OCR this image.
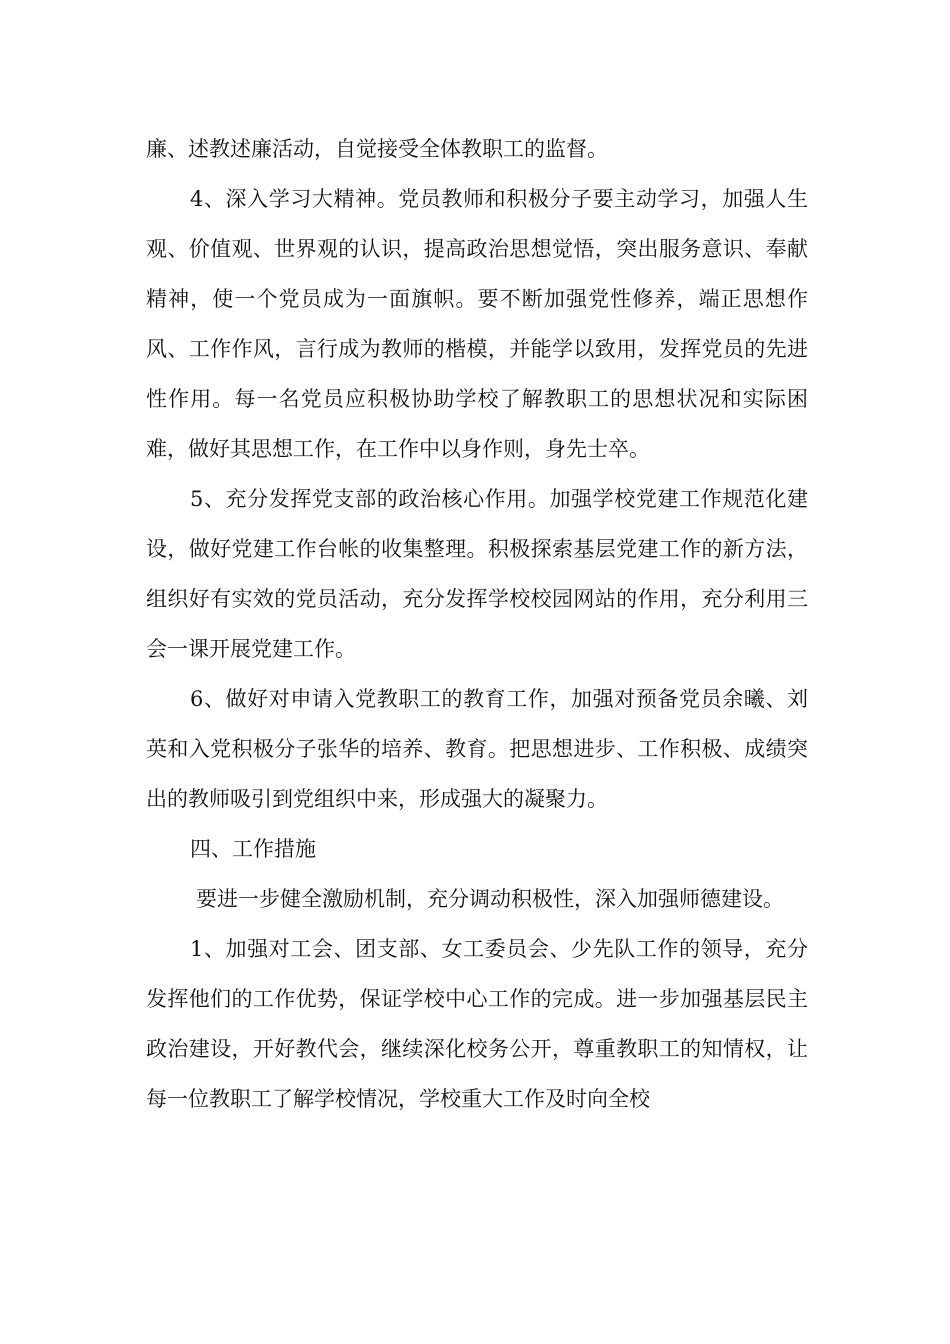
廉、述教述廉活动，自觉接受全体教职工的监督。

4、深入学习大精神。党员教师和积极分子要主动学习，加强人生观、价值观、世界观的认识，提高政治思想觉悟，突出服务意识、奉献精神，使一个党员成为一面旗帜。要不断加强党性修养，端正思想作风、工作作风，言行成为教师的楷模，并能学以致用，发挥党员的先进性作用。每一名党员应积极协助学校了解教职工的思想状况和实际困难，做好其思想工作，在工作中以身作则，身先士卒。

5、充分发挥党支部的政治核心作用。加强学校党建工作规范化建设，做好党建工作台帐的收集整理。积极探索基层党建工作的新方法，组织好有实效的党员活动，充分发挥学校校园网站的作用，充分利用三会一课开展党建工作。

6、做好对申请入党教职工的教育工作，加强对预备党员余曦、刘英和入党积极分子张华的培养、教育。把思想进步、工作积极、成绩突出的教师吸引到党组织中来，形成强大的凝聚力。

四、工作措施

要进一步健全激励机制，充分调动积极性，深入加强师德建设。

1、加强对工会、团支部、女工委员会、少先队工作的领导，充分发挥他们的工作优势，保证学校中心工作的完成。进一步加强基层民主政治建设，开好教代会，继续深化校务公开，尊重教职工的知情权，让每一位教职工了解学校情况，学校重大工作及时向全校
